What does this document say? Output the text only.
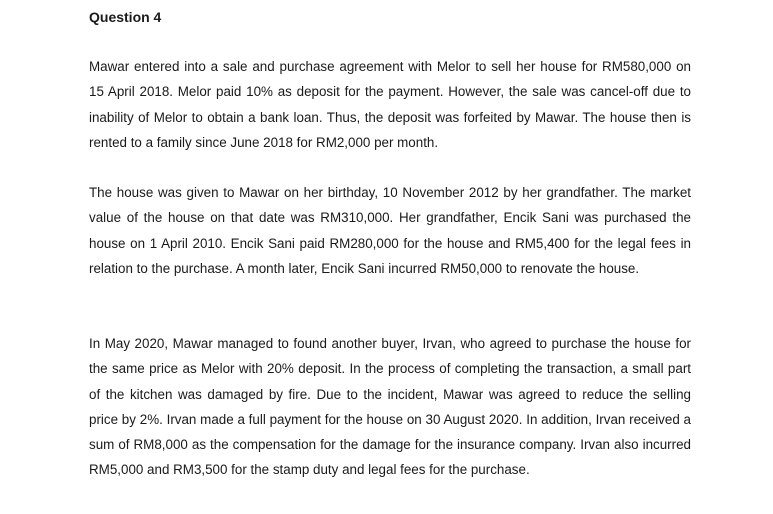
Question 4

Mawar entered into a sale and purchase agreement with Melor to sell her house for RM580,000 on 15 April 2018. Melor paid 10% as deposit for the payment. However, the sale was cancel-off due to inability of Melor to obtain a bank loan. Thus, the deposit was forfeited by Mawar. The house then is rented to a family since June 2018 for RM2,000 per month.

The house was given to Mawar on her birthday, 10 November 2012 by her grandfather. The market value of the house on that date was RM310,000. Her grandfather, Encik Sani was purchased the house on 1 April 2010. Encik Sani paid RM280,000 for the house and RM5,400 for the legal fees in relation to the purchase. A month later, Encik Sani incurred RM50,000 to renovate the house.

In May 2020, Mawar managed to found another buyer, Irvan, who agreed to purchase the house for the same price as Melor with 20% deposit. In the process of completing the transaction, a small part of the kitchen was damaged by fire. Due to the incident, Mawar was agreed to reduce the selling price by 2%. Irvan made a full payment for the house on 30 August 2020. In addition, Irvan received a sum of RM8,000 as the compensation for the damage for the insurance company. Irvan also incurred RM5,000 and RM3,500 for the stamp duty and legal fees for the purchase.
